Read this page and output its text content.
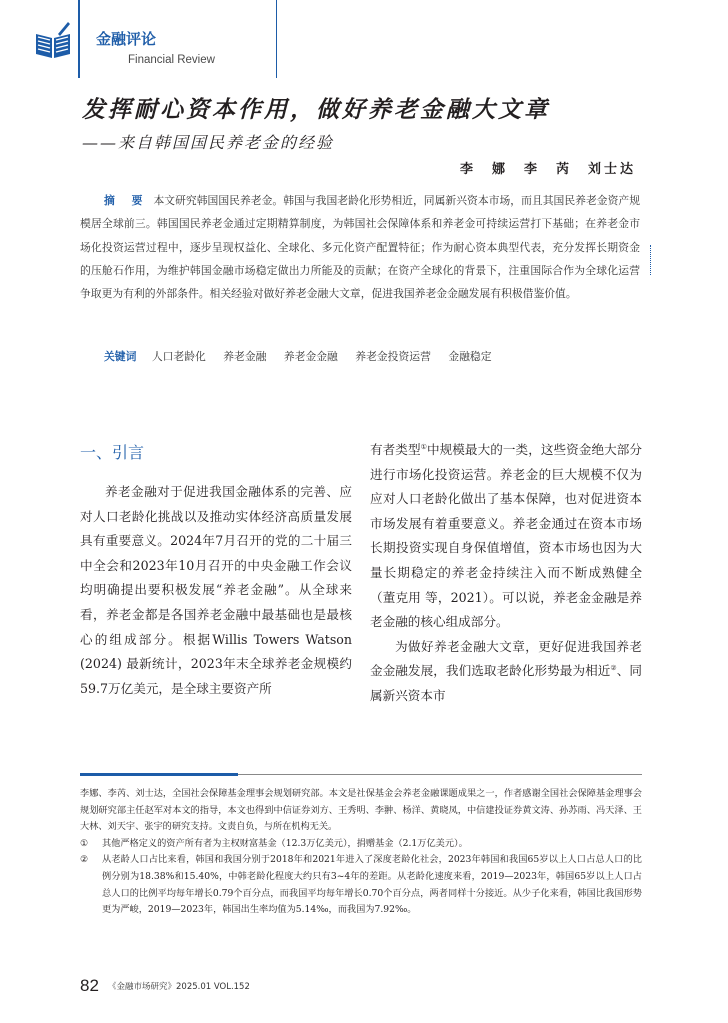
金融评论
Financial Review
发挥耐心资本作用，做好养老金融大文章
——来自韩国国民养老金的经验
李　娜　李　芮　刘士达

摘　要 本文研究韩国国民养老金。韩国与我国老龄化形势相近，同属新兴资本市场，而且其国民养老金资产规模居全球前三。韩国国民养老金通过定期精算制度，为韩国社会保障体系和养老金可持续运营打下基础；在养老金市场化投资运营过程中，逐步呈现权益化、全球化、多元化资产配置特征；作为耐心资本典型代表，充分发挥长期资金的压舱石作用，为维护韩国金融市场稳定做出力所能及的贡献；在资产全球化的背景下，注重国际合作为全球化运营争取更为有利的外部条件。相关经验对做好养老金融大文章，促进我国养老金金融发展有积极借鉴价值。

关键词 人口老龄化 养老金融 养老金金融 养老金投资运营 金融稳定
一、引言

养老金融对于促进我国金融体系的完善、应对人口老龄化挑战以及推动实体经济高质量发展具有重要意义。2024年7月召开的党的二十届三中全会和2023年10月召开的中央金融工作会议均明确提出要积极发展“养老金融”。从全球来看，养老金都是各国养老金融中最基础也是最核心的组成部分。根据Willis Towers Watson (2024) 最新统计，2023年末全球养老金规模约59.7万亿美元，是全球主要资产所

有者类型①中规模最大的一类，这些资金绝大部分进行市场化投资运营。养老金的巨大规模不仅为应对人口老龄化做出了基本保障，也对促进资本市场发展有着重要意义。养老金通过在资本市场长期投资实现自身保值增值，资本市场也因为大量长期稳定的养老金持续注入而不断成熟健全（董克用 等，2021）。可以说，养老金金融是养老金融的核心组成部分。

为做好养老金融大文章，更好促进我国养老金金融发展，我们选取老龄化形势最为相近②、同属新兴资本市

李娜、李芮、刘士达，全国社会保障基金理事会规划研究部。本文是社保基金会养老金融课题成果之一，作者感谢全国社会保障基金理事会规划研究部主任赵军对本文的指导，本文也得到中信证券刘方、王秀明、李翀、杨洋、黄晓凤，中信建投证券黄文涛、孙苏雨、冯天泽、王大林、刘天宇、张宇的研究支持。文责自负，与所在机构无关。

①	其他严格定义的资产所有者为主权财富基金（12.3万亿美元），捐赠基金（2.1万亿美元）。

②	从老龄人口占比来看，韩国和我国分别于2018年和2021年进入了深度老龄化社会，2023年韩国和我国65岁以上人口占总人口的比例分别为18.38%和15.40%，中韩老龄化程度大约只有3~4年的差距。从老龄化速度来看，2019—2023年，韩国65岁以上人口占总人口的比例平均每年增长0.79个百分点，而我国平均每年增长0.70个百分点，两者同样十分接近。从少子化来看，韩国比我国形势更为严峻，2019—2023年，韩国出生率均值为5.14‰，而我国为7.92‰。

82 《金融市场研究》2025.01 VOL.152
